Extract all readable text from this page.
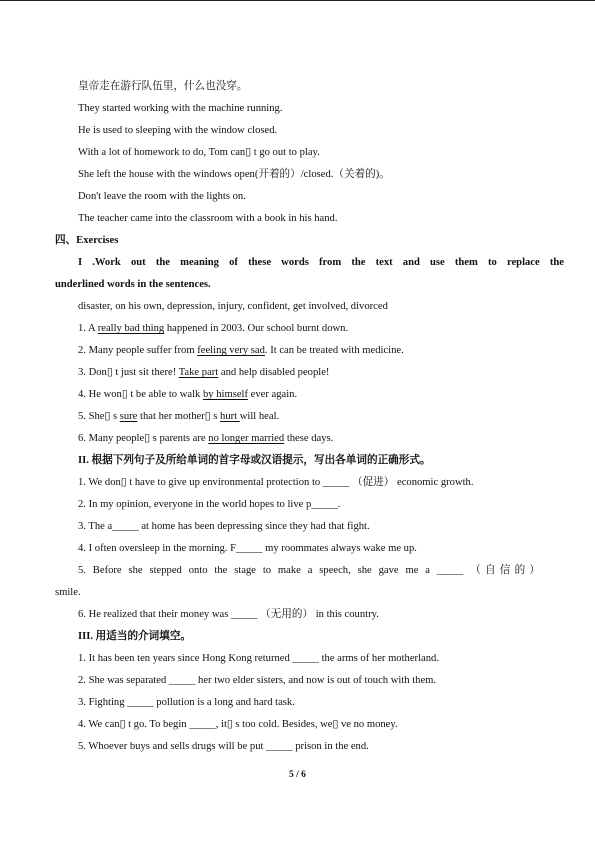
皇帝走在游行队伍里，什么也没穿。
They started working with the machine running.
He is used to sleeping with the window closed.
With a lot of homework to do, Tom can▯ t go out to play.
She left the house with the windows open(开着的）/closed.（关着的)。
Don't leave the room with the lights on.
The teacher came into the classroom with a book in his hand.
四、Exercises
I .Work out the meaning of these words from the text and use them to replace the
underlined words in the sentences.
disaster, on his own, depression, injury, confident, get involved, divorced
1. A really bad thing happened in 2003. Our school burnt down.
2. Many people suffer from feeling very sad. It can be treated with medicine.
3. Don▯ t just sit there! Take part and help disabled people!
4. He won▯ t be able to walk by himself ever again.
5. She▯ s sure that her mother▯ s hurt will heal.
6. Many people▯ s parents are no longer married these days.
II. 根据下列句子及所给单词的首字母或汉语提示，写出各单词的正确形式。
1. We don▯ t have to give up environmental protection to _____ （促进） economic growth.
2. In my opinion, everyone in the world hopes to live p_____.
3. The a_____ at home has been depressing since they had that fight.
4. I often oversleep in the morning. F_____ my roommates always wake me up.
5. Before she stepped onto the stage to make a speech, she gave me a _____ （自信的）
smile.
6. He realized that their money was _____ （无用的） in this country.
III. 用适当的介词填空。
1. It has been ten years since Hong Kong returned _____ the arms of her motherland.
2. She was separated _____ her two elder sisters, and now is out of touch with them.
3. Fighting _____ pollution is a long and hard task.
4. We can▯ t go. To begin _____, it▯ s too cold. Besides, we▯ ve no money.
5. Whoever buys and sells drugs will be put _____ prison in the end.
5 / 6
